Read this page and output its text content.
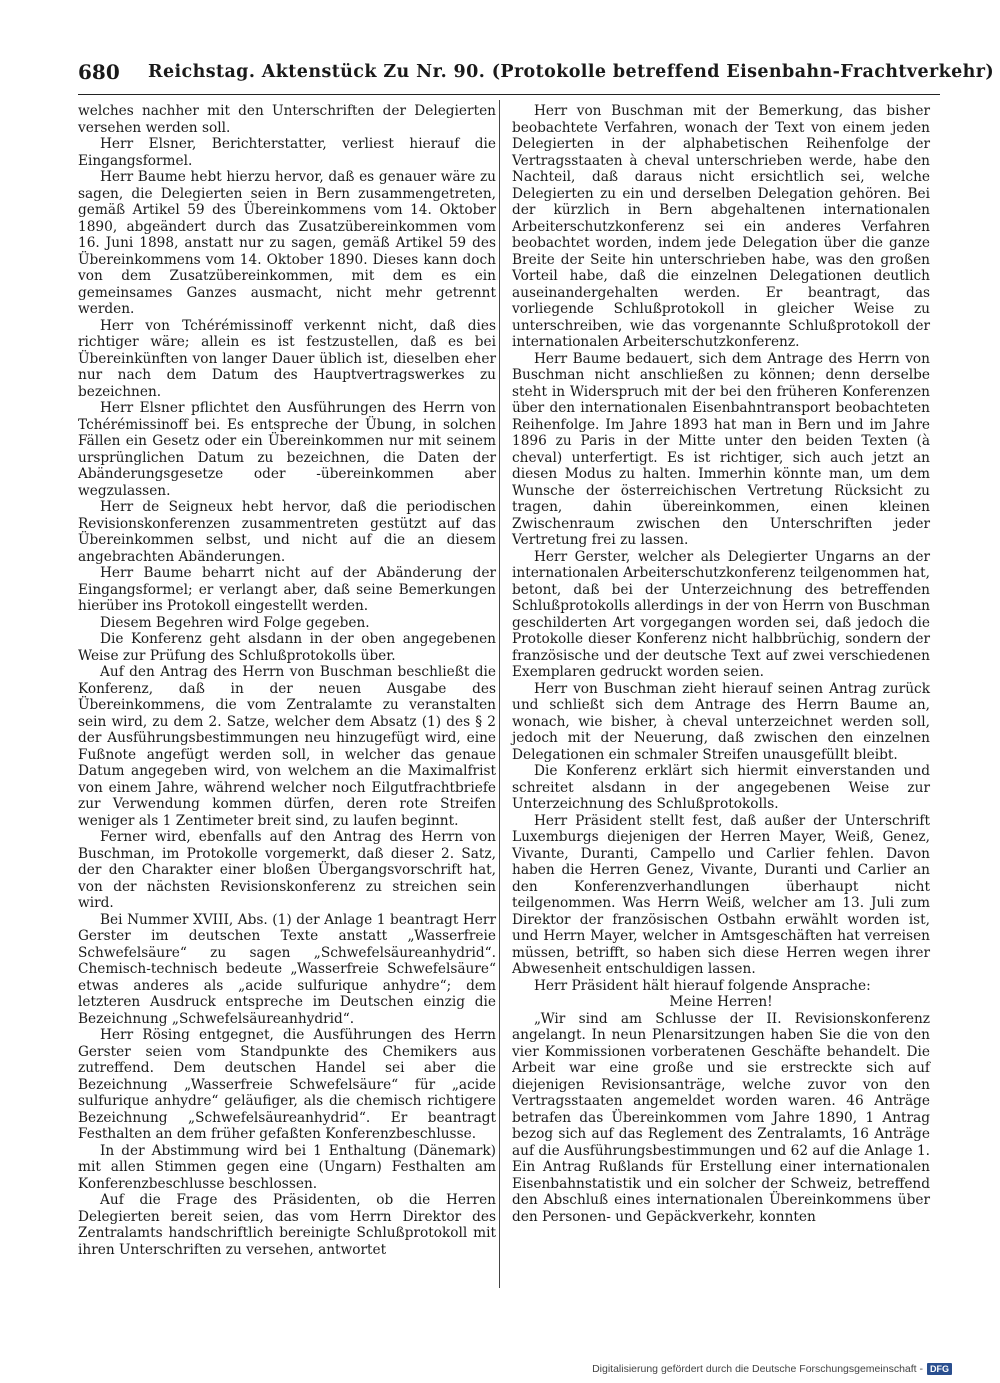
680 Reichstag. Aktenstück Zu Nr. 90. (Protokolle betreffend Eisenbahn-Frachtverkehr)

welches nachher mit den Unterschriften der Delegierten versehen werden soll.

Herr Elsner, Berichterstatter, verliest hierauf die Eingangsformel.

Herr Baume hebt hierzu hervor, daß es genauer wäre zu sagen, die Delegierten seien in Bern zusammengetreten, gemäß Artikel 59 des Übereinkommens vom 14. Oktober 1890, abgeändert durch das Zusatzübereinkommen vom 16. Juni 1898, anstatt nur zu sagen, gemäß Artikel 59 des Übereinkommens vom 14. Oktober 1890. Dieses kann doch von dem Zusatzübereinkommen, mit dem es ein gemeinsames Ganzes ausmacht, nicht mehr getrennt werden.

Herr von Tchérémissinoff verkennt nicht, daß dies richtiger wäre; allein es ist festzustellen, daß es bei Übereinkünften von langer Dauer üblich ist, dieselben eher nur nach dem Datum des Hauptvertragswerkes zu bezeichnen.

Herr Elsner pflichtet den Ausführungen des Herrn von Tchérémissinoff bei. Es entspreche der Übung, in solchen Fällen ein Gesetz oder ein Übereinkommen nur mit seinem ursprünglichen Datum zu bezeichnen, die Daten der Abänderungsgesetze oder -übereinkommen aber wegzulassen.

Herr de Seigneux hebt hervor, daß die periodischen Revisionskonferenzen zusammentreten gestützt auf das Übereinkommen selbst, und nicht auf die an diesem angebrachten Abänderungen.

Herr Baume beharrt nicht auf der Abänderung der Eingangsformel; er verlangt aber, daß seine Bemerkungen hierüber ins Protokoll eingestellt werden.

Diesem Begehren wird Folge gegeben.

Die Konferenz geht alsdann in der oben angegebenen Weise zur Prüfung des Schlußprotokolls über.

Auf den Antrag des Herrn von Buschman beschließt die Konferenz, daß in der neuen Ausgabe des Übereinkommens, die vom Zentralamte zu veranstalten sein wird, zu dem 2. Satze, welcher dem Absatz (1) des § 2 der Ausführungsbestimmungen neu hinzugefügt wird, eine Fußnote angefügt werden soll, in welcher das genaue Datum angegeben wird, von welchem an die Maximalfrist von einem Jahre, während welcher noch Eilgutfrachtbriefe zur Verwendung kommen dürfen, deren rote Streifen weniger als 1 Zentimeter breit sind, zu laufen beginnt.

Ferner wird, ebenfalls auf den Antrag des Herrn von Buschman, im Protokolle vorgemerkt, daß dieser 2. Satz, der den Charakter einer bloßen Übergangsvorschrift hat, von der nächsten Revisionskonferenz zu streichen sein wird.

Bei Nummer XVIII, Abs. (1) der Anlage 1 beantragt Herr Gerster im deutschen Texte anstatt „Wasserfreie Schwefelsäure“ zu sagen „Schwefelsäureanhydrid“. Chemisch-technisch bedeute „Wasserfreie Schwefelsäure“ etwas anderes als „acide sulfurique anhydre“; dem letzteren Ausdruck entspreche im Deutschen einzig die Bezeichnung „Schwefelsäureanhydrid“.

Herr Rösing entgegnet, die Ausführungen des Herrn Gerster seien vom Standpunkte des Chemikers aus zutreffend. Dem deutschen Handel sei aber die Bezeichnung „Wasserfreie Schwefelsäure“ für „acide sulfurique anhydre“ geläufiger, als die chemisch richtigere Bezeichnung „Schwefelsäureanhydrid“. Er beantragt Festhalten an dem früher gefaßten Konferenzbeschlusse.

In der Abstimmung wird bei 1 Enthaltung (Dänemark) mit allen Stimmen gegen eine (Ungarn) Festhalten am Konferenzbeschlusse beschlossen.

Auf die Frage des Präsidenten, ob die Herren Delegierten bereit seien, das vom Herrn Direktor des Zentralamts handschriftlich bereinigte Schlußprotokoll mit ihren Unterschriften zu versehen, antwortet

Herr von Buschman mit der Bemerkung, das bisher beobachtete Verfahren, wonach der Text von einem jeden Delegierten in der alphabetischen Reihenfolge der Vertragsstaaten à cheval unterschrieben werde, habe den Nachteil, daß daraus nicht ersichtlich sei, welche Delegierten zu ein und derselben Delegation gehören. Bei der kürzlich in Bern abgehaltenen internationalen Arbeiterschutzkonferenz sei ein anderes Verfahren beobachtet worden, indem jede Delegation über die ganze Breite der Seite hin unterschrieben habe, was den großen Vorteil habe, daß die einzelnen Delegationen deutlich auseinandergehalten werden. Er beantragt, das vorliegende Schlußprotokoll in gleicher Weise zu unterschreiben, wie das vorgenannte Schlußprotokoll der internationalen Arbeiterschutzkonferenz.

Herr Baume bedauert, sich dem Antrage des Herrn von Buschman nicht anschließen zu können; denn derselbe steht in Widerspruch mit der bei den früheren Konferenzen über den internationalen Eisenbahntransport beobachteten Reihenfolge. Im Jahre 1893 hat man in Bern und im Jahre 1896 zu Paris in der Mitte unter den beiden Texten (à cheval) unterfertigt. Es ist richtiger, sich auch jetzt an diesen Modus zu halten. Immerhin könnte man, um dem Wunsche der österreichischen Vertretung Rücksicht zu tragen, dahin übereinkommen, einen kleinen Zwischenraum zwischen den Unterschriften jeder Vertretung frei zu lassen.

Herr Gerster, welcher als Delegierter Ungarns an der internationalen Arbeiterschutzkonferenz teilgenommen hat, betont, daß bei der Unterzeichnung des betreffenden Schlußprotokolls allerdings in der von Herrn von Buschman geschilderten Art vorgegangen worden sei, daß jedoch die Protokolle dieser Konferenz nicht halbbrüchig, sondern der französische und der deutsche Text auf zwei verschiedenen Exemplaren gedruckt worden seien.

Herr von Buschman zieht hierauf seinen Antrag zurück und schließt sich dem Antrage des Herrn Baume an, wonach, wie bisher, à cheval unterzeichnet werden soll, jedoch mit der Neuerung, daß zwischen den einzelnen Delegationen ein schmaler Streifen unausgefüllt bleibt.

Die Konferenz erklärt sich hiermit einverstanden und schreitet alsdann in der angegebenen Weise zur Unterzeichnung des Schlußprotokolls.

Herr Präsident stellt fest, daß außer der Unterschrift Luxemburgs diejenigen der Herren Mayer, Weiß, Genez, Vivante, Duranti, Campello und Carlier fehlen. Davon haben die Herren Genez, Vivante, Duranti und Carlier an den Konferenzverhandlungen überhaupt nicht teilgenommen. Was Herrn Weiß, welcher am 13. Juli zum Direktor der französischen Ostbahn erwählt worden ist, und Herrn Mayer, welcher in Amtsgeschäften hat verreisen müssen, betrifft, so haben sich diese Herren wegen ihrer Abwesenheit entschuldigen lassen.

Herr Präsident hält hierauf folgende Ansprache:

Meine Herren!

„Wir sind am Schlusse der II. Revisionskonferenz angelangt. In neun Plenarsitzungen haben Sie die von den vier Kommissionen vorberatenen Geschäfte behandelt. Die Arbeit war eine große und sie erstreckte sich auf diejenigen Revisionsanträge, welche zuvor von den Vertragsstaaten angemeldet worden waren. 46 Anträge betrafen das Übereinkommen vom Jahre 1890, 1 Antrag bezog sich auf das Reglement des Zentralamts, 16 Anträge auf die Ausführungsbestimmungen und 62 auf die Anlage 1. Ein Antrag Rußlands für Erstellung einer internationalen Eisenbahnstatistik und ein solcher der Schweiz, betreffend den Abschluß eines internationalen Übereinkommens über den Personen- und Gepäckverkehr, konnten

Digitalisierung gefördert durch die Deutsche Forschungsgemeinschaft - DFG
